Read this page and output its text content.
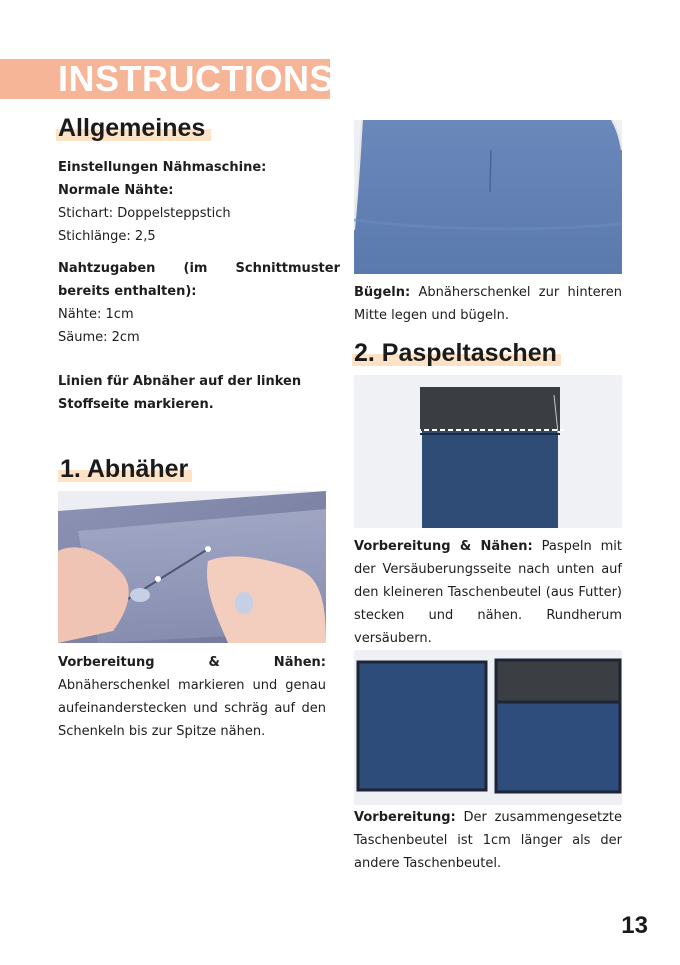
INSTRUCTIONS
Allgemeines

Einstellungen Nähmaschine:

Normale Nähte:

Stichart: Doppelsteppstich

Stichlänge: 2,5

Nahtzugaben (im Schnittmuster bereits enthalten):

Nähte: 1cm

Säume: 2cm

Linien für Abnäher auf der linken Stoffseite markieren.
1. Abnäher
Vorbereitung & Nähen: Abnäherschenkel markieren und genau aufeinanderstecken und schräg auf den Schenkeln bis zur Spitze nähen.
Bügeln: Abnäherschenkel zur hinteren Mitte legen und bügeln.
2. Paspeltaschen
Vorbereitung & Nähen: Paspeln mit der Versäuberungsseite nach unten auf den kleineren Taschenbeutel (aus Futter) stecken und nähen. Rundherum versäubern.
Vorbereitung: Der zusammengesetzte Taschenbeutel ist 1cm länger als der andere Taschenbeutel.
13
